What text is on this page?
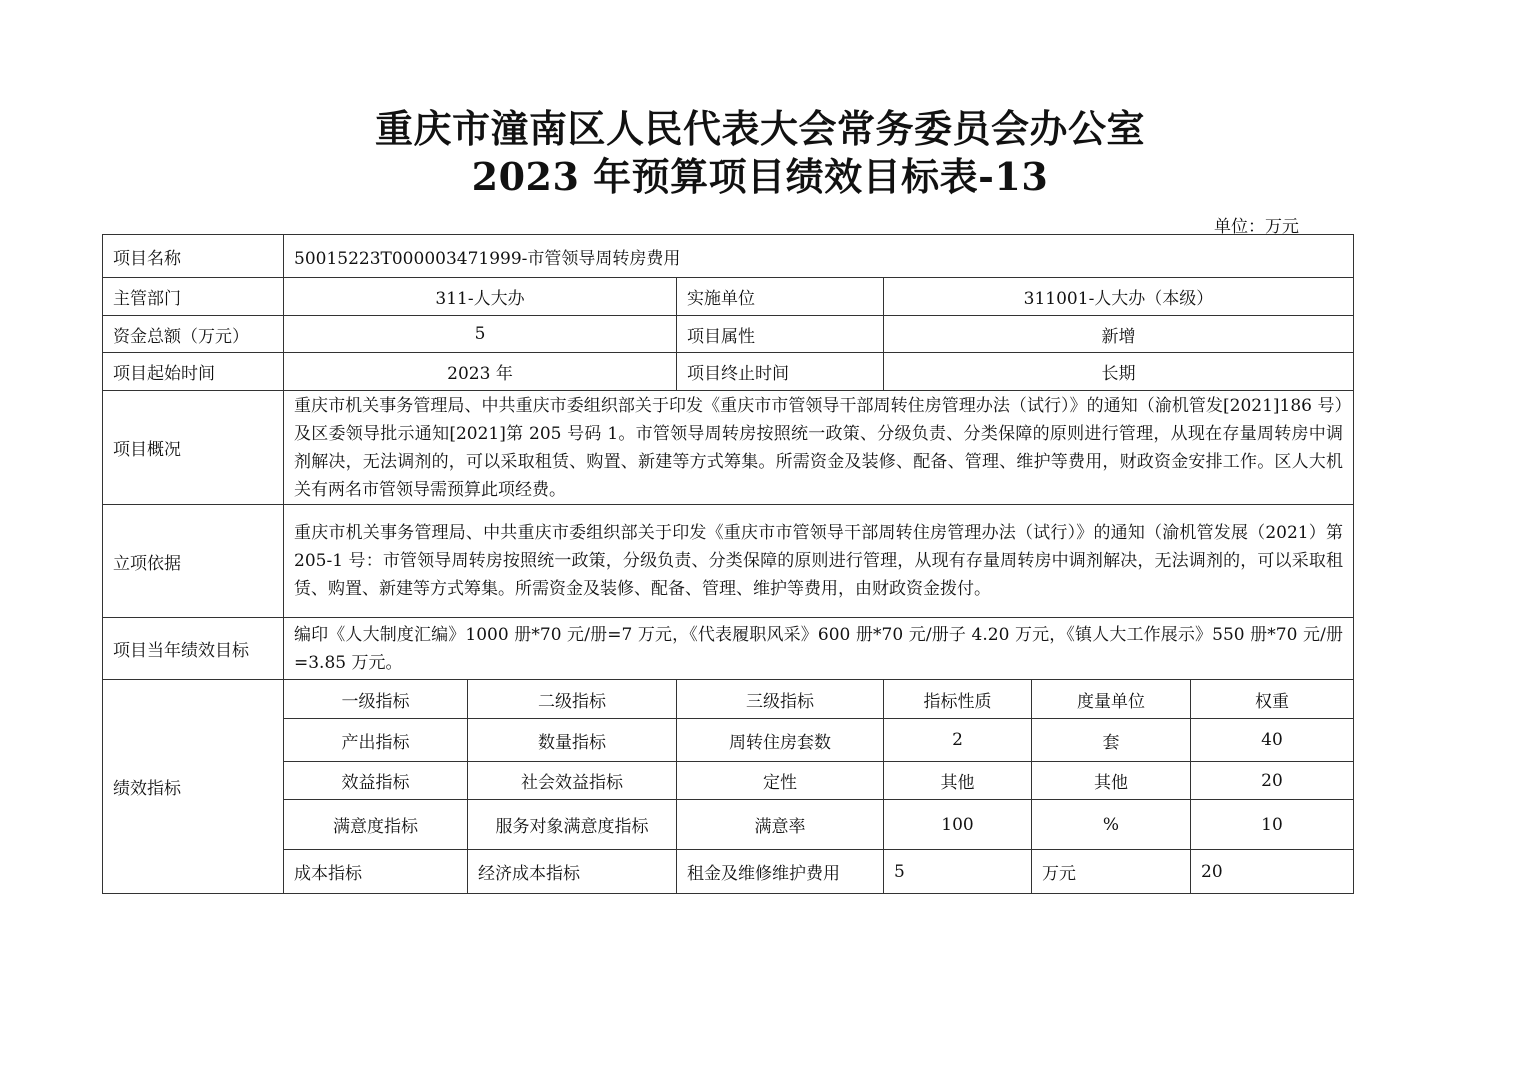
重庆市潼南区人民代表大会常务委员会办公室
2023 年预算项目绩效目标表-13
单位：万元
项目名称	50015223T000003471999-市管领导周转房费用					
主管部门	311-人大办		实施单位	311001-人大办（本级）		
资金总额（万元）	5		项目属性	新增		
项目起始时间	2023 年		项目终止时间	长期		
项目概况	重庆市机关事务管理局、中共重庆市委组织部关于印发《重庆市市管领导干部周转住房管理办法（试行）》的通知（渝机管发[2021]186 号）及区委领导批示通知[2021]第 205 号码 1。市管领导周转房按照统一政策、分级负责、分类保障的原则进行管理，从现在存量周转房中调剂解决，无法调剂的，可以采取租赁、购置、新建等方式筹集。所需资金及装修、配备、管理、维护等费用，财政资金安排工作。区人大机关有两名市管领导需预算此项经费。					
立项依据	重庆市机关事务管理局、中共重庆市委组织部关于印发《重庆市市管领导干部周转住房管理办法（试行）》的通知（渝机管发展（2021）第 205-1 号：市管领导周转房按照统一政策，分级负责、分类保障的原则进行管理，从现有存量周转房中调剂解决，无法调剂的，可以采取租赁、购置、新建等方式筹集。所需资金及装修、配备、管理、维护等费用，由财政资金拨付。					
项目当年绩效目标	编印《人大制度汇编》1000 册*70 元/册=7 万元，《代表履职风采》600 册*70 元/册子 4.20 万元，《镇人大工作展示》550 册*70 元/册=3.85 万元。					
绩效指标	一级指标	二级指标	三级指标	指标性质	度量单位	权重
	产出指标	数量指标	周转住房套数	2	套	40
	效益指标	社会效益指标	定性	其他	其他	20
	满意度指标	服务对象满意度指标	满意率	100	%	10
	成本指标	经济成本指标	租金及维修维护费用	5	万元	20
